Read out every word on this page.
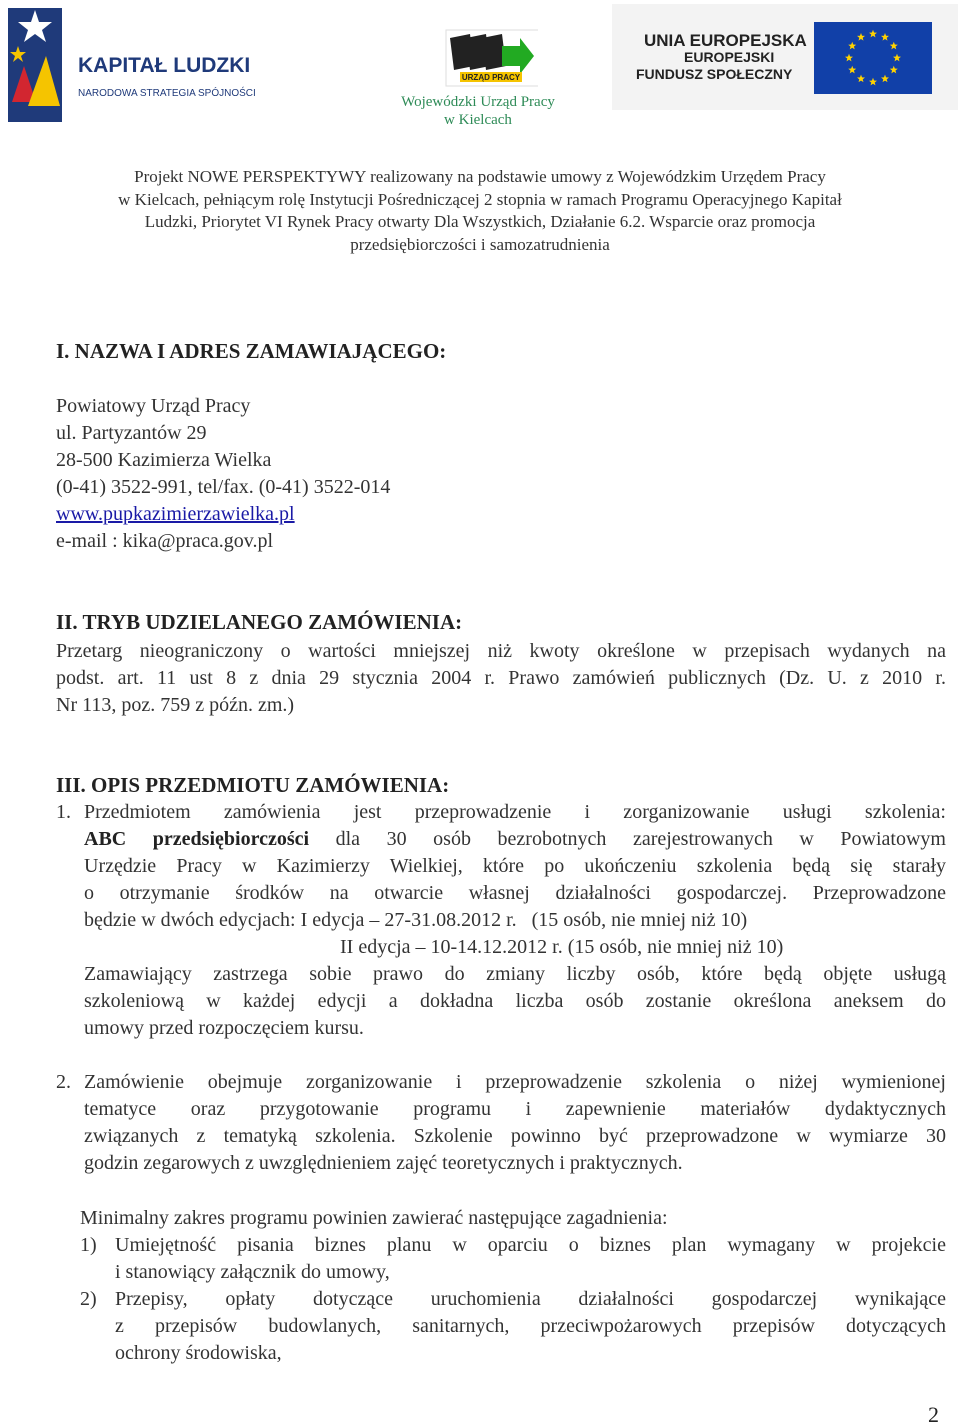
KAPITAŁ LUDZKI
NARODOWA STRATEGIA SPÓJNOŚCI
URZĄD PRACY
Wojewódzki Urząd Pracy
w Kielcach
UNIA EUROPEJSKA
EUROPEJSKI
FUNDUSZ SPOŁECZNY
Projekt NOWE PERSPEKTYWY realizowany na podstawie umowy z Wojewódzkim Urzędem Pracy
w Kielcach, pełniącym rolę Instytucji Pośredniczącej 2 stopnia w ramach Programu Operacyjnego Kapitał
Ludzki, Priorytet VI Rynek Pracy otwarty Dla Wszystkich, Działanie 6.2. Wsparcie oraz promocja
przedsiębiorczości i samozatrudnienia
I. NAZWA I ADRES ZAMAWIAJĄCEGO:
Powiatowy Urząd Pracy
ul. Partyzantów 29
28-500 Kazimierza Wielka
(0-41) 3522-991, tel/fax. (0-41) 3522-014
www.pupkazimierzawielka.pl
e-mail : kika@praca.gov.pl
II. TRYB UDZIELANEGO ZAMÓWIENIA:
Przetarg nieograniczony o wartości mniejszej niż kwoty określone w przepisach wydanych na
podst. art. 11 ust 8 z dnia 29 stycznia 2004 r. Prawo zamówień publicznych (Dz. U. z 2010 r.
Nr 113, poz. 759 z późn. zm.)
III. OPIS PRZEDMIOTU ZAMÓWIENIA:
1. Przedmiotem zamówienia jest przeprowadzenie i zorganizowanie usługi szkolenia:
ABC przedsiębiorczości dla 30 osób bezrobotnych zarejestrowanych w Powiatowym
Urzędzie Pracy w Kazimierzy Wielkiej, które po ukończeniu szkolenia będą się starały
o otrzymanie środków na otwarcie własnej działalności gospodarczej. Przeprowadzone
będzie w dwóch edycjach: I edycja – 27-31.08.2012 r.   (15 osób, nie mniej niż 10)
II edycja – 10-14.12.2012 r. (15 osób, nie mniej niż 10)
Zamawiający zastrzega sobie prawo do zmiany liczby osób, które będą objęte usługą
szkoleniową w każdej edycji a dokładna liczba osób zostanie określona aneksem do
umowy przed rozpoczęciem kursu.
2. Zamówienie obejmuje zorganizowanie i przeprowadzenie szkolenia o niżej wymienionej
tematyce oraz przygotowanie programu i zapewnienie materiałów dydaktycznych
związanych z tematyką szkolenia. Szkolenie powinno być przeprowadzone w wymiarze 30
godzin zegarowych z uwzględnieniem zajęć teoretycznych i praktycznych.
Minimalny zakres programu powinien zawierać następujące zagadnienia:
1) Umiejętność pisania biznes planu w oparciu o biznes plan wymagany w projekcie
i stanowiący załącznik do umowy,
2) Przepisy, opłaty dotyczące uruchomienia działalności gospodarczej wynikające
z przepisów budowlanych, sanitarnych, przeciwpożarowych przepisów dotyczących
ochrony środowiska,
2
